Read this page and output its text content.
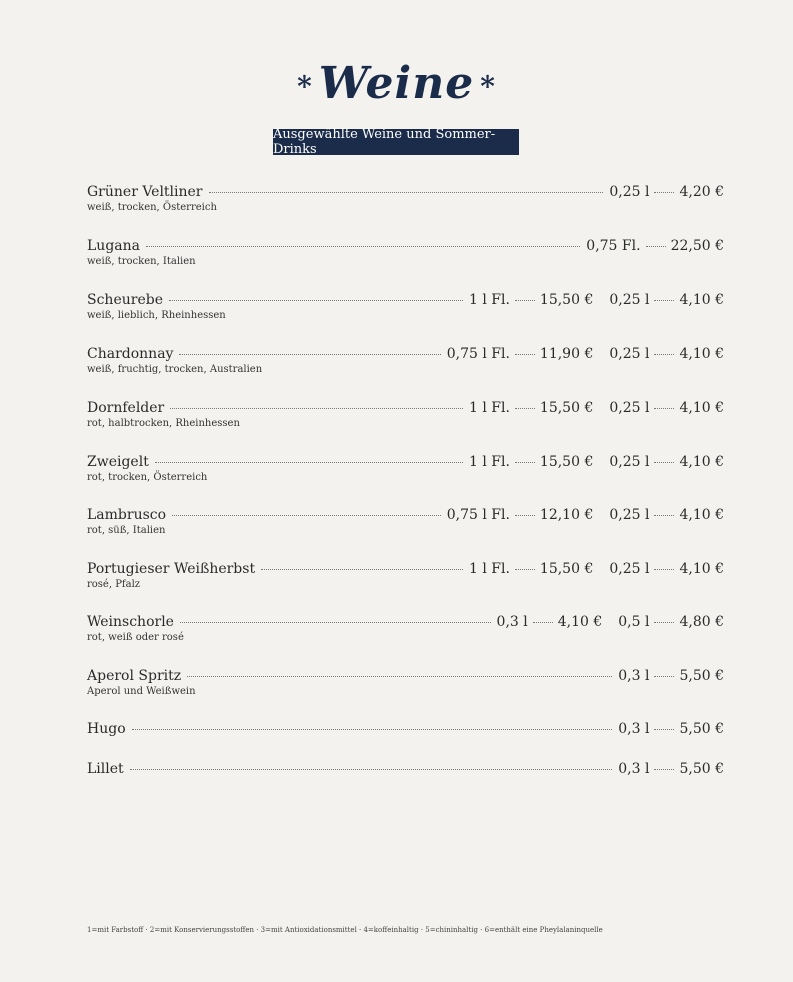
* Weine *
Ausgewählte Weine und Sommer-Drinks
Grüner Veltliner	0,25 l 4,20 €
weiß, trocken, Österreich
Lugana	0,75 Fl. 22,50 €
weiß, trocken, Italien
Scheurebe	1 l Fl. 15,50 € 0,25 l 4,10 €
weiß, lieblich, Rheinhessen
Chardonnay	0,75 l Fl. 11,90 € 0,25 l 4,10 €
weiß, fruchtig, trocken, Australien
Dornfelder	1 l Fl. 15,50 € 0,25 l 4,10 €
rot, halbtrocken, Rheinhessen
Zweigelt	1 l Fl. 15,50 € 0,25 l 4,10 €
rot, trocken, Österreich
Lambrusco	0,75 l Fl. 12,10 € 0,25 l 4,10 €
rot, süß, Italien
Portugieser Weißherbst	1 l Fl. 15,50 € 0,25 l 4,10 €
rosé, Pfalz
Weinschorle	0,3 l 4,10 € 0,5 l 4,80 €
rot, weiß oder rosé
Aperol Spritz	0,3 l 5,50 €
Aperol und Weißwein
Hugo	0,3 l 5,50 €
Lillet	0,3 l 5,50 €
1=mit Farbstoff · 2=mit Konservierungsstoffen · 3=mit Antioxidationsmittel · 4=koffeinhaltig · 5=chininhaltig · 6=enthält eine Pheylalaninquelle
